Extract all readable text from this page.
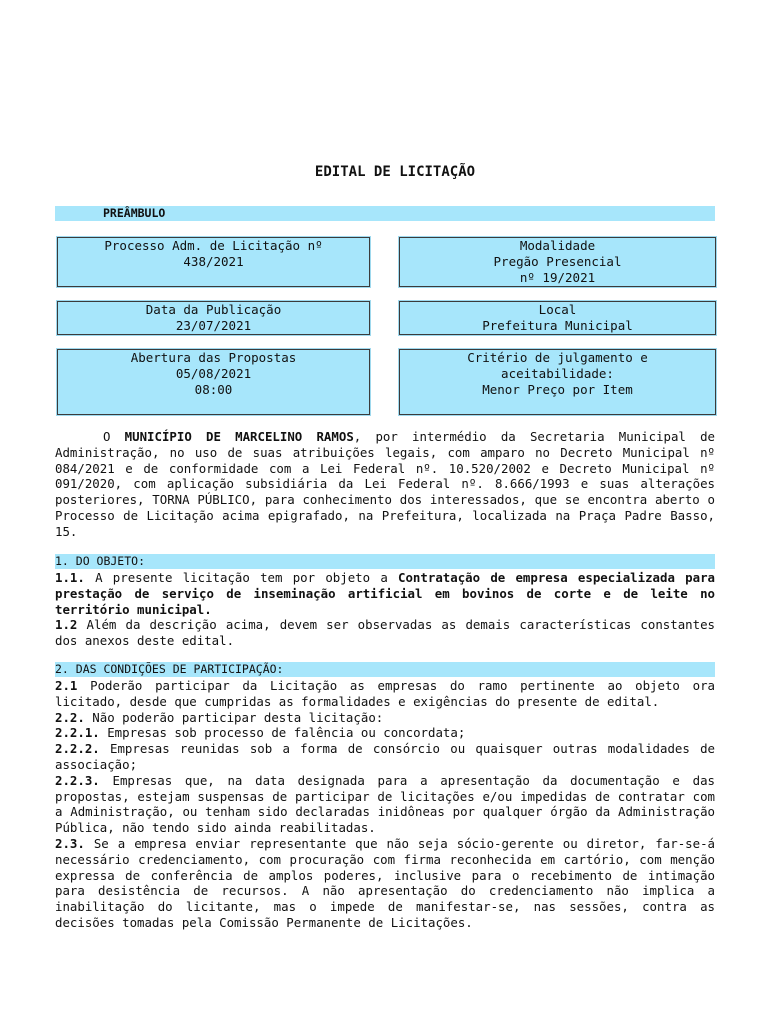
EDITAL DE LICITAÇÃO
PREÂMBULO
Processo Adm. de Licitação nº
438/2021
Modalidade
Pregão Presencial
nº 19/2021
Data da Publicação
23/07/2021
Local
Prefeitura Municipal
Abertura das Propostas
05/08/2021
08:00
Critério de julgamento e
aceitabilidade:
Menor Preço por Item
O MUNICÍPIO DE MARCELINO RAMOS, por intermédio da Secretaria Municipal de Administração, no uso de suas atribuições legais, com amparo no Decreto Municipal nº 084/2021 e de conformidade com a Lei Federal nº. 10.520/2002 e Decreto Municipal nº 091/2020, com aplicação subsidiária da Lei Federal nº. 8.666/1993 e suas alterações posteriores, TORNA PÚBLICO, para conhecimento dos interessados, que se encontra aberto o Processo de Licitação acima epigrafado, na Prefeitura, localizada na Praça Padre Basso, 15.
1. DO OBJETO:
1.1. A presente licitação tem por objeto a Contratação de empresa especializada para prestação de serviço de inseminação artificial em bovinos de corte e de leite no território municipal.
1.2 Além da descrição acima, devem ser observadas as demais características constantes dos anexos deste edital.
2. DAS CONDIÇÕES DE PARTICIPAÇÃO:
2.1 Poderão participar da Licitação as empresas do ramo pertinente ao objeto ora licitado, desde que cumpridas as formalidades e exigências do presente de edital.
2.2. Não poderão participar desta licitação:
2.2.1. Empresas sob processo de falência ou concordata;
2.2.2. Empresas reunidas sob a forma de consórcio ou quaisquer outras modalidades de associação;
2.2.3. Empresas que, na data designada para a apresentação da documentação e das propostas, estejam suspensas de participar de licitações e/ou impedidas de contratar com a Administração, ou tenham sido declaradas inidôneas por qualquer órgão da Administração Pública, não tendo sido ainda reabilitadas.
2.3. Se a empresa enviar representante que não seja sócio-gerente ou diretor, far-se-á necessário credenciamento, com procuração com firma reconhecida em cartório, com menção expressa de conferência de amplos poderes, inclusive para o recebimento de intimação para desistência de recursos. A não apresentação do credenciamento não implica a inabilitação do licitante, mas o impede de manifestar-se, nas sessões, contra as decisões tomadas pela Comissão Permanente de Licitações.
